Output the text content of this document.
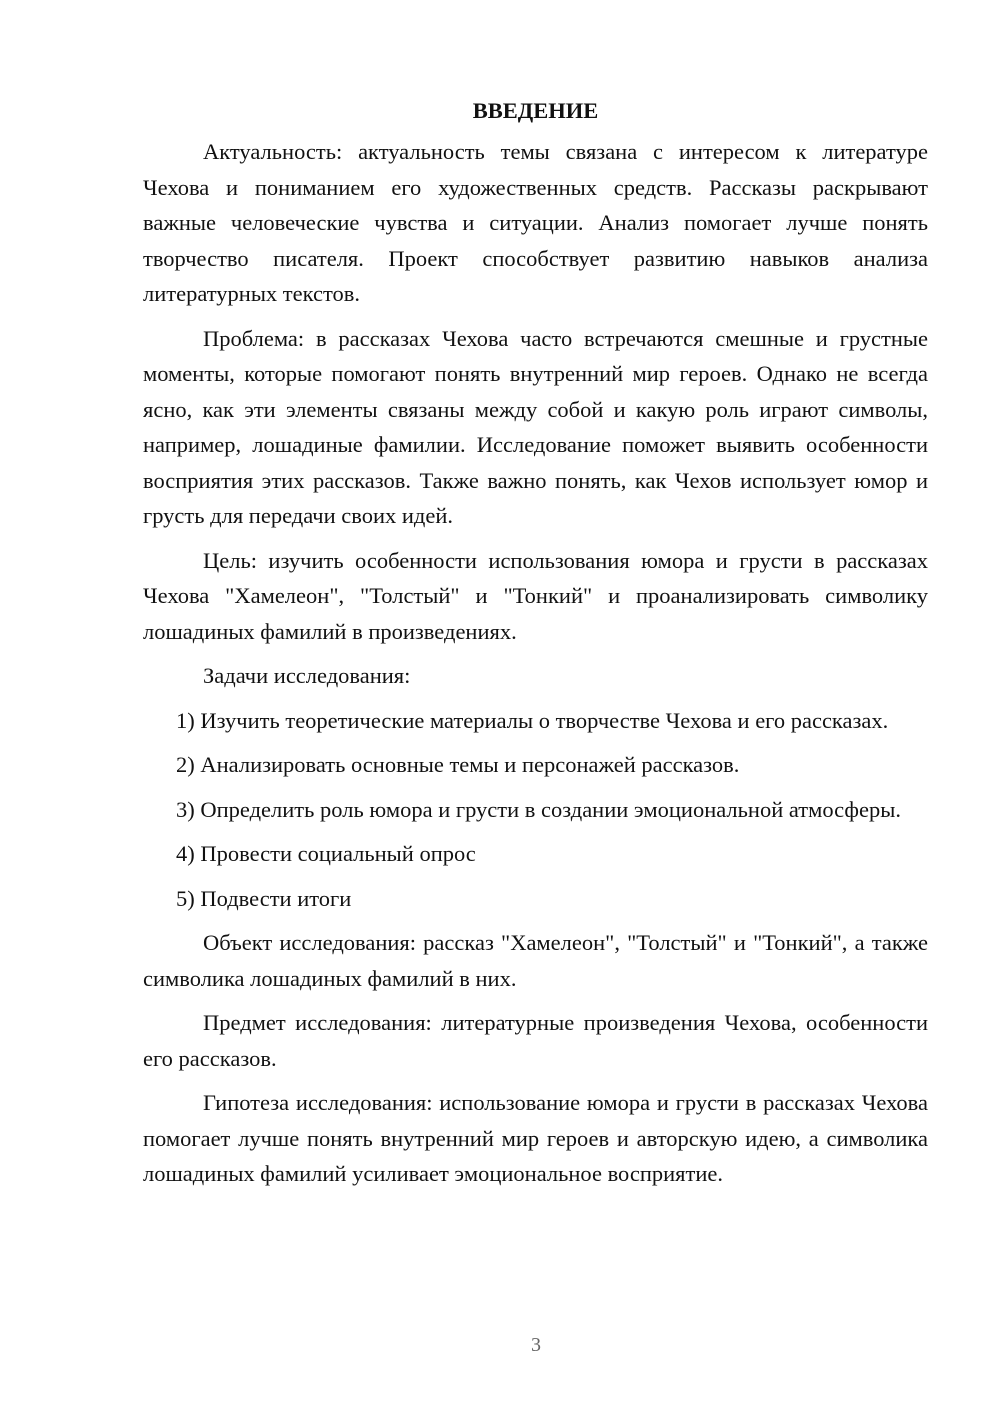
ВВЕДЕНИЕ

Актуальность: актуальность темы связана с интересом к литературе Чехова и пониманием его художественных средств. Рассказы раскрывают важные человеческие чувства и ситуации. Анализ помогает лучше понять творчество писателя. Проект способствует развитию навыков анализа литературных текстов.

Проблема: в рассказах Чехова часто встречаются смешные и грустные моменты, которые помогают понять внутренний мир героев. Однако не всегда ясно, как эти элементы связаны между собой и какую роль играют символы, например, лошадиные фамилии. Исследование поможет выявить особенности восприятия этих рассказов. Также важно понять, как Чехов использует юмор и грусть для передачи своих идей.

Цель: изучить особенности использования юмора и грусти в рассказах Чехова "Хамелеон", "Толстый" и "Тонкий" и проанализировать символику лошадиных фамилий в произведениях.

Задачи исследования:

1) Изучить теоретические материалы о творчестве Чехова и его рассказах.

2) Анализировать основные темы и персонажей рассказов.

3) Определить роль юмора и грусти в создании эмоциональной атмосферы.

4) Провести социальный опрос

5) Подвести итоги

Объект исследования: рассказ "Хамелеон", "Толстый" и "Тонкий", а также символика лошадиных фамилий в них.

Предмет исследования: литературные произведения Чехова, особенности его рассказов.

Гипотеза исследования: использование юмора и грусти в рассказах Чехова помогает лучше понять внутренний мир героев и авторскую идею, а символика лошадиных фамилий усиливает эмоциональное восприятие.

3
